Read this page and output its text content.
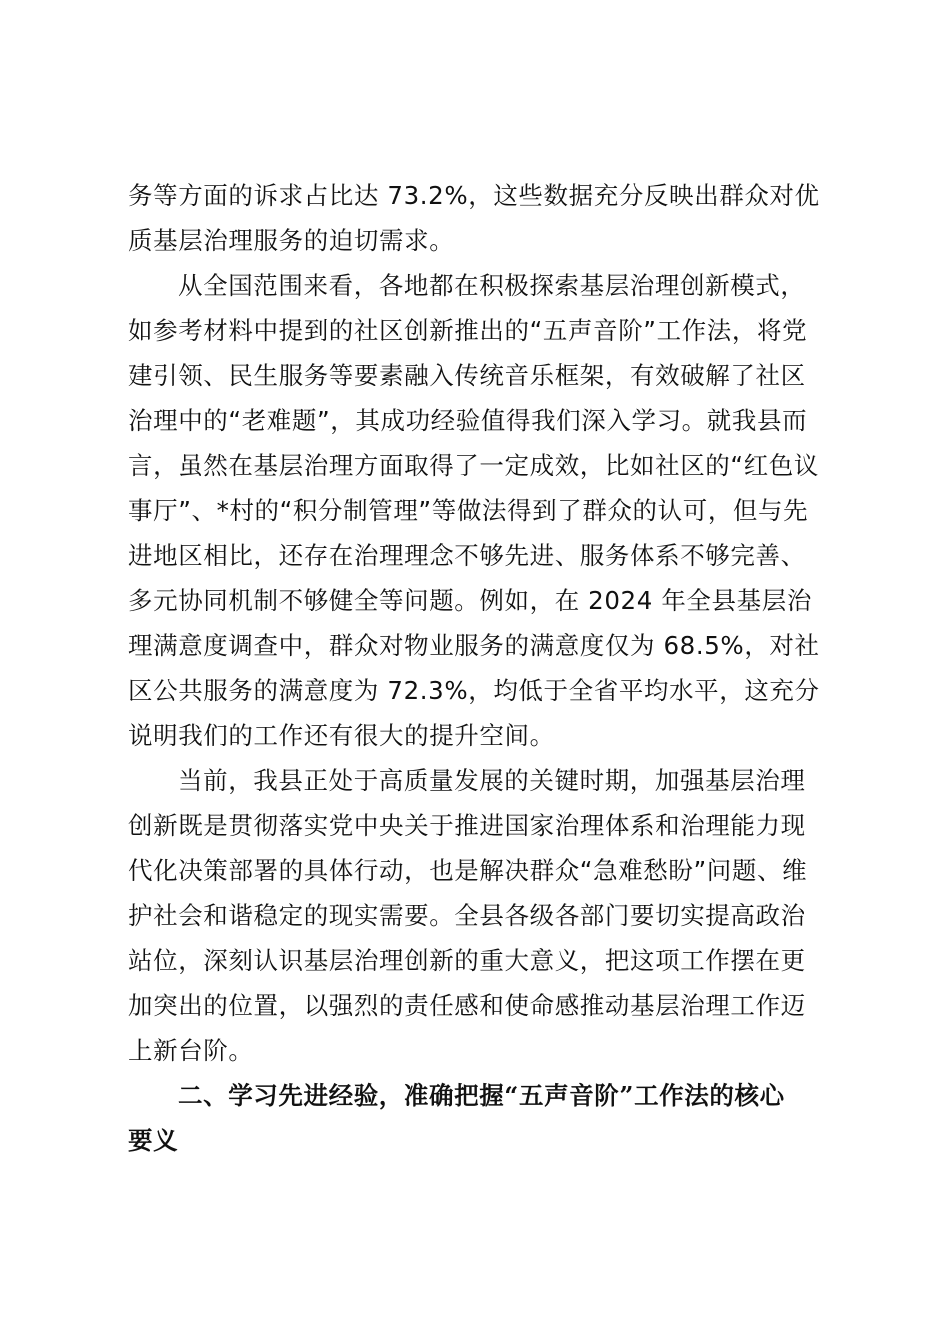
务等方面的诉求占比达 73.2%，这些数据充分反映出群众对优
质基层治理服务的迫切需求。
从全国范围来看，各地都在积极探索基层治理创新模式，
如参考材料中提到的社区创新推出的“五声音阶”工作法，将党
建引领、民生服务等要素融入传统音乐框架，有效破解了社区
治理中的“老难题”，其成功经验值得我们深入学习。就我县而
言，虽然在基层治理方面取得了一定成效，比如社区的“红色议
事厅”、*村的“积分制管理”等做法得到了群众的认可，但与先
进地区相比，还存在治理理念不够先进、服务体系不够完善、
多元协同机制不够健全等问题。例如，在 2024 年全县基层治
理满意度调查中，群众对物业服务的满意度仅为 68.5%，对社
区公共服务的满意度为 72.3%，均低于全省平均水平，这充分
说明我们的工作还有很大的提升空间。
当前，我县正处于高质量发展的关键时期，加强基层治理
创新既是贯彻落实党中央关于推进国家治理体系和治理能力现
代化决策部署的具体行动，也是解决群众“急难愁盼”问题、维
护社会和谐稳定的现实需要。全县各级各部门要切实提高政治
站位，深刻认识基层治理创新的重大意义，把这项工作摆在更
加突出的位置，以强烈的责任感和使命感推动基层治理工作迈
上新台阶。
二、学习先进经验，准确把握“五声音阶”工作法的核心
要义
